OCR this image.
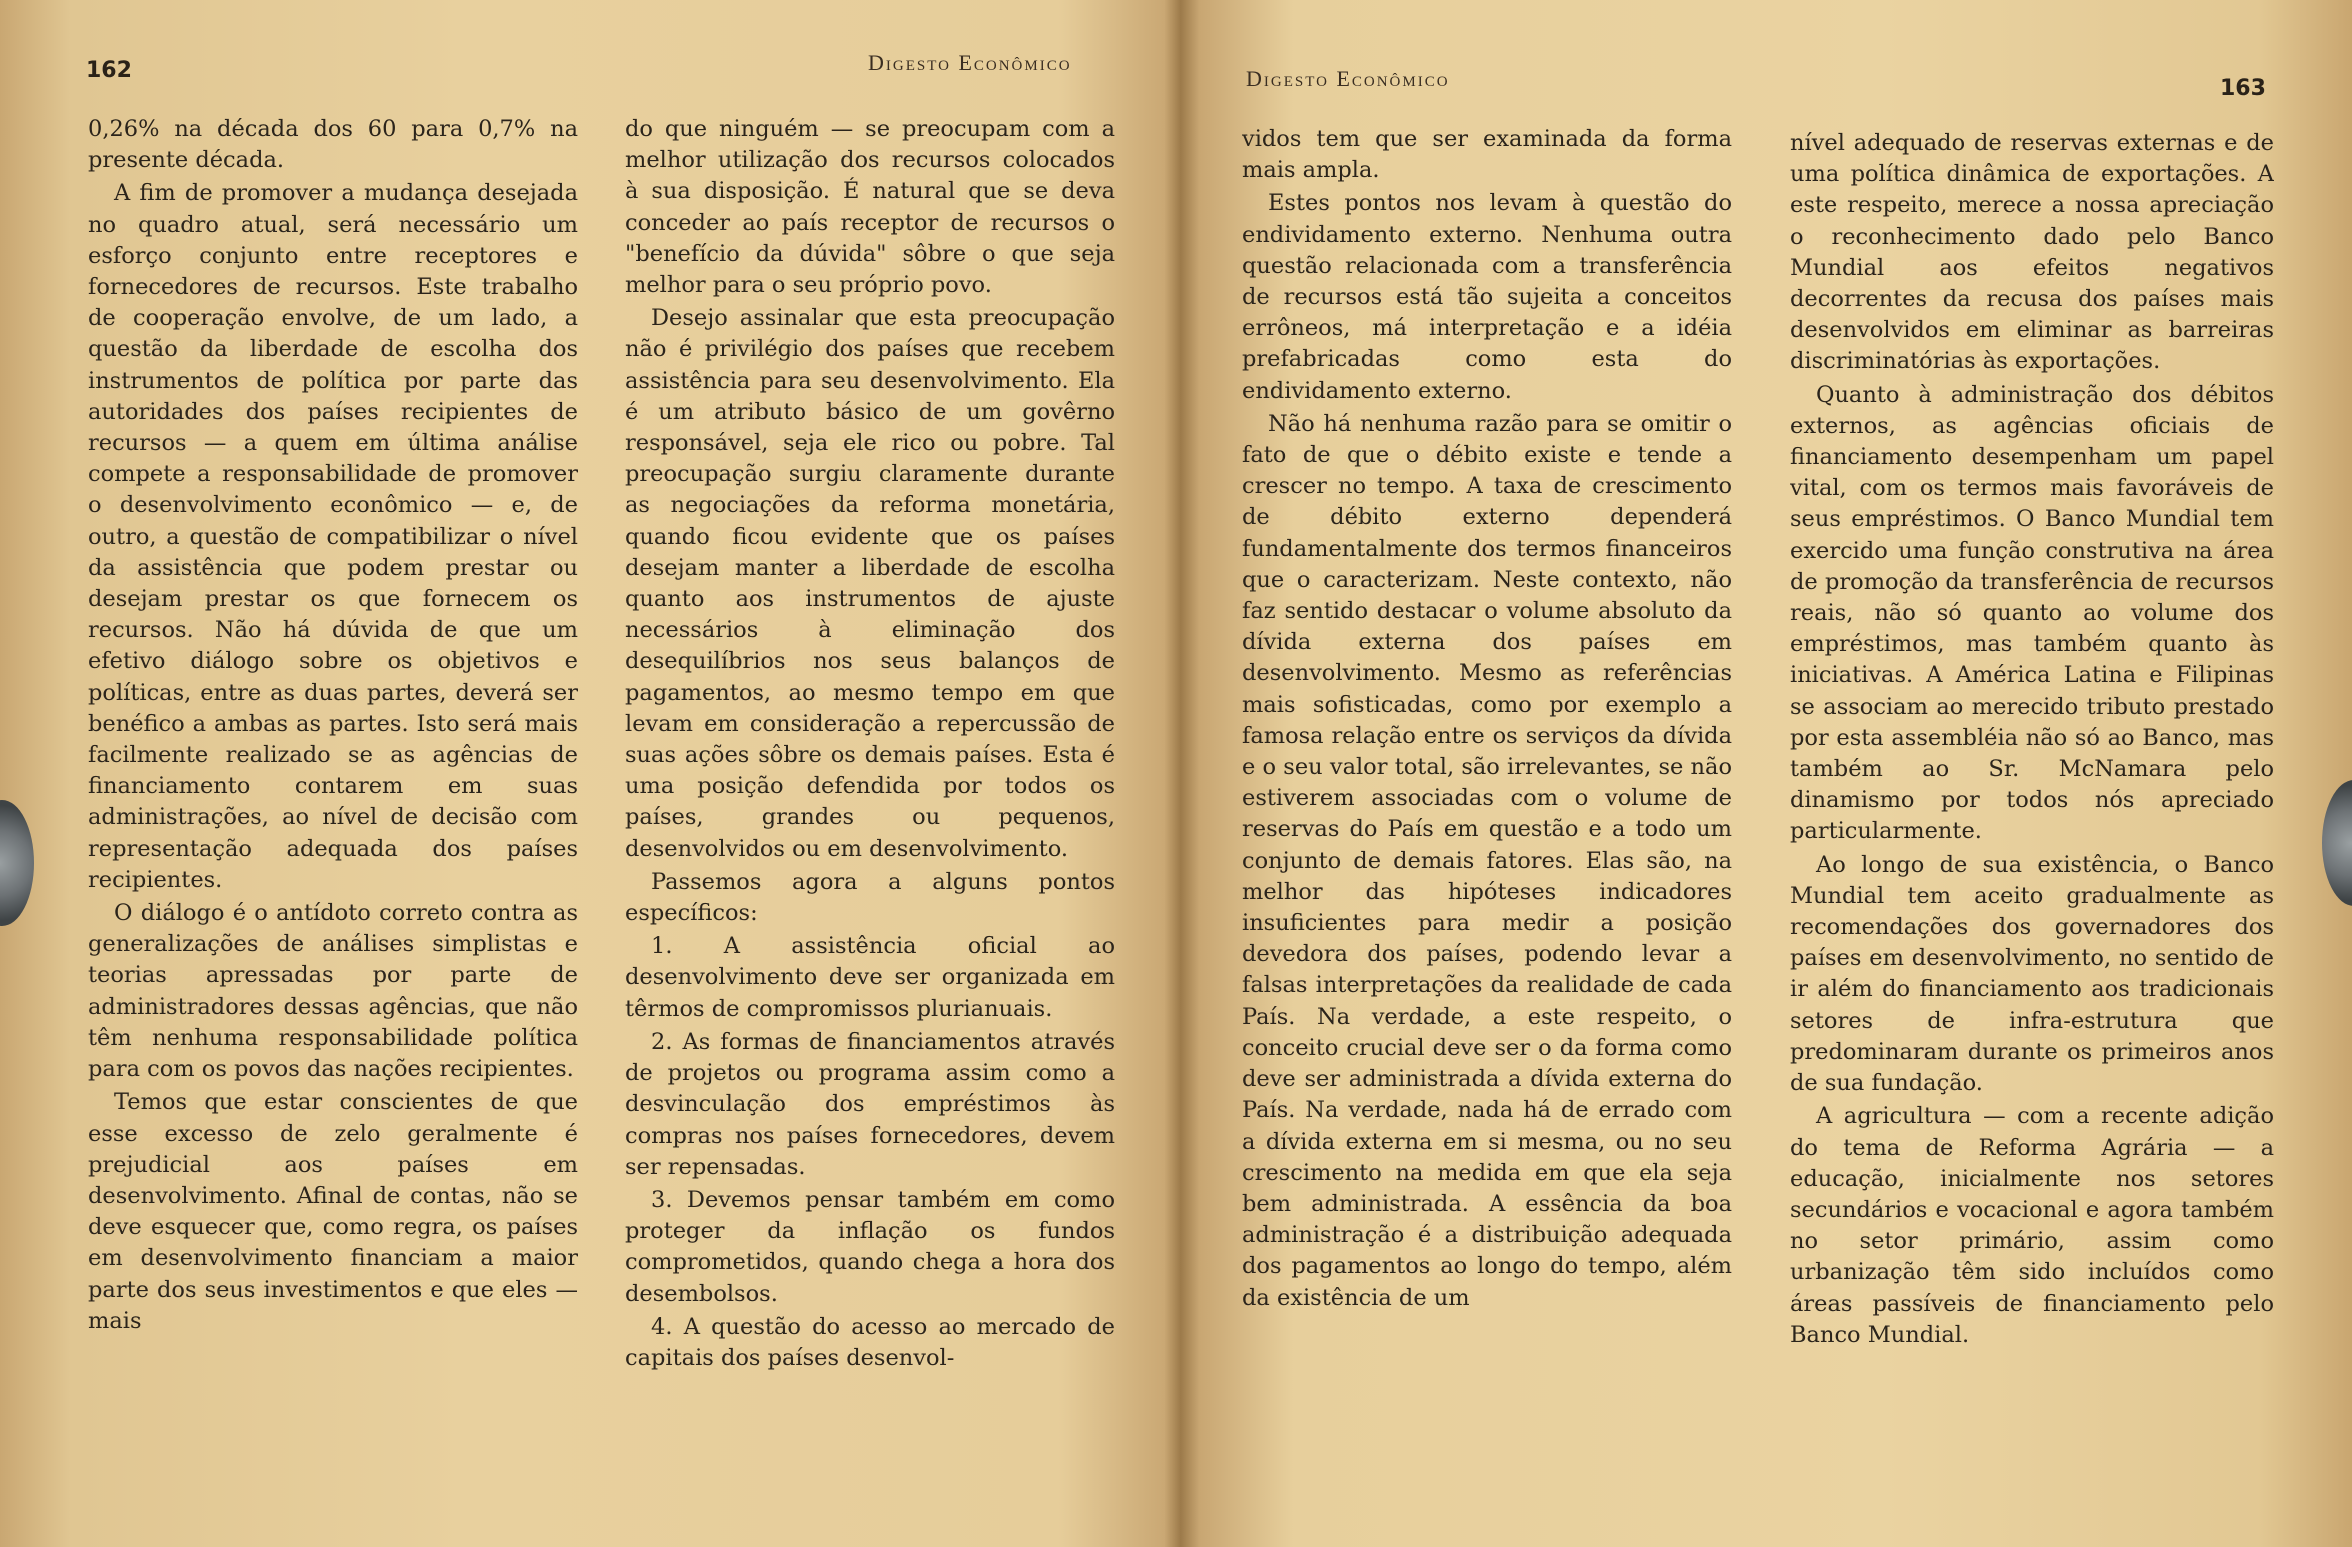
162	Digesto Econômico

0,26% na década dos 60 para 0,7% na presente década.

A fim de promover a mudança desejada no quadro atual, será necessário um esforço conjunto entre receptores e fornecedores de recursos. Este trabalho de cooperação envolve, de um lado, a questão da liberdade de escolha dos instrumentos de política por parte das autoridades dos países recipientes de recursos — a quem em última análise compete a responsabilidade de promover o desenvolvimento econômico — e, de outro, a questão de compatibilizar o nível da assistência que podem prestar ou desejam prestar os que fornecem os recursos. Não há dúvida de que um efetivo diálogo sobre os objetivos e políticas, entre as duas partes, deverá ser benéfico a ambas as partes. Isto será mais facilmente realizado se as agências de financiamento contarem em suas administrações, ao nível de decisão com representação adequada dos países recipientes.

O diálogo é o antídoto correto contra as generalizações de análises simplistas e teorias apressadas por parte de administradores dessas agências, que não têm nenhuma responsabilidade política para com os povos das nações recipientes.

Temos que estar conscientes de que esse excesso de zelo geralmente é prejudicial aos países em desenvolvimento. Afinal de contas, não se deve esquecer que, como regra, os países em desenvolvimento financiam a maior parte dos seus investimentos e que eles — mais

do que ninguém — se preocupam com a melhor utilização dos recursos colocados à sua disposição. É natural que se deva conceder ao país receptor de recursos o "benefício da dúvida" sôbre o que seja melhor para o seu próprio povo.

Desejo assinalar que esta preocupação não é privilégio dos países que recebem assistência para seu desenvolvimento. Ela é um atributo básico de um govêrno responsável, seja ele rico ou pobre. Tal preocupação surgiu claramente durante as negociações da reforma monetária, quando ficou evidente que os países desejam manter a liberdade de escolha quanto aos instrumentos de ajuste necessários à eliminação dos desequilíbrios nos seus balanços de pagamentos, ao mesmo tempo em que levam em consideração a repercussão de suas ações sôbre os demais países. Esta é uma posição defendida por todos os países, grandes ou pequenos, desenvolvidos ou em desenvolvimento.

Passemos agora a alguns pontos específicos:

1. A assistência oficial ao desenvolvimento deve ser organizada em têrmos de compromissos plurianuais.

2. As formas de financiamentos através de projetos ou programa assim como a desvinculação dos empréstimos às compras nos países fornecedores, devem ser repensadas.

3. Devemos pensar também em como proteger da inflação os fundos comprometidos, quando chega a hora dos desembolsos.

4. A questão do acesso ao mercado de capitais dos países desenvol-

Digesto Econômico	163

vidos tem que ser examinada da forma mais ampla.

Estes pontos nos levam à questão do endividamento externo. Nenhuma outra questão relacionada com a transferência de recursos está tão sujeita a conceitos errôneos, má interpretação e a idéia prefabricadas como esta do endividamento externo.

Não há nenhuma razão para se omitir o fato de que o débito existe e tende a crescer no tempo. A taxa de crescimento de débito externo dependerá fundamentalmente dos termos financeiros que o caracterizam. Neste contexto, não faz sentido destacar o volume absoluto da dívida externa dos países em desenvolvimento. Mesmo as referências mais sofisticadas, como por exemplo a famosa relação entre os serviços da dívida e o seu valor total, são irrelevantes, se não estiverem associadas com o volume de reservas do País em questão e a todo um conjunto de demais fatores. Elas são, na melhor das hipóteses indicadores insuficientes para medir a posição devedora dos países, podendo levar a falsas interpretações da realidade de cada País. Na verdade, a este respeito, o conceito crucial deve ser o da forma como deve ser administrada a dívida externa do País. Na verdade, nada há de errado com a dívida externa em si mesma, ou no seu crescimento na medida em que ela seja bem administrada. A essência da boa administração é a distribuição adequada dos pagamentos ao longo do tempo, além da existência de um

nível adequado de reservas externas e de uma política dinâmica de exportações. A este respeito, merece a nossa apreciação o reconhecimento dado pelo Banco Mundial aos efeitos negativos decorrentes da recusa dos países mais desenvolvidos em eliminar as barreiras discriminatórias às exportações.

Quanto à administração dos débitos externos, as agências oficiais de financiamento desempenham um papel vital, com os termos mais favoráveis de seus empréstimos. O Banco Mundial tem exercido uma função construtiva na área de promoção da transferência de recursos reais, não só quanto ao volume dos empréstimos, mas também quanto às iniciativas. A América Latina e Filipinas se associam ao merecido tributo prestado por esta assembléia não só ao Banco, mas também ao Sr. McNamara pelo dinamismo por todos nós apreciado particularmente.

Ao longo de sua existência, o Banco Mundial tem aceito gradualmente as recomendações dos governadores dos países em desenvolvimento, no sentido de ir além do financiamento aos tradicionais setores de infra-estrutura que predominaram durante os primeiros anos de sua fundação.

A agricultura — com a recente adição do tema de Reforma Agrária — a educação, inicialmente nos setores secundários e vocacional e agora também no setor primário, assim como urbanização têm sido incluídos como áreas passíveis de financiamento pelo Banco Mundial.
